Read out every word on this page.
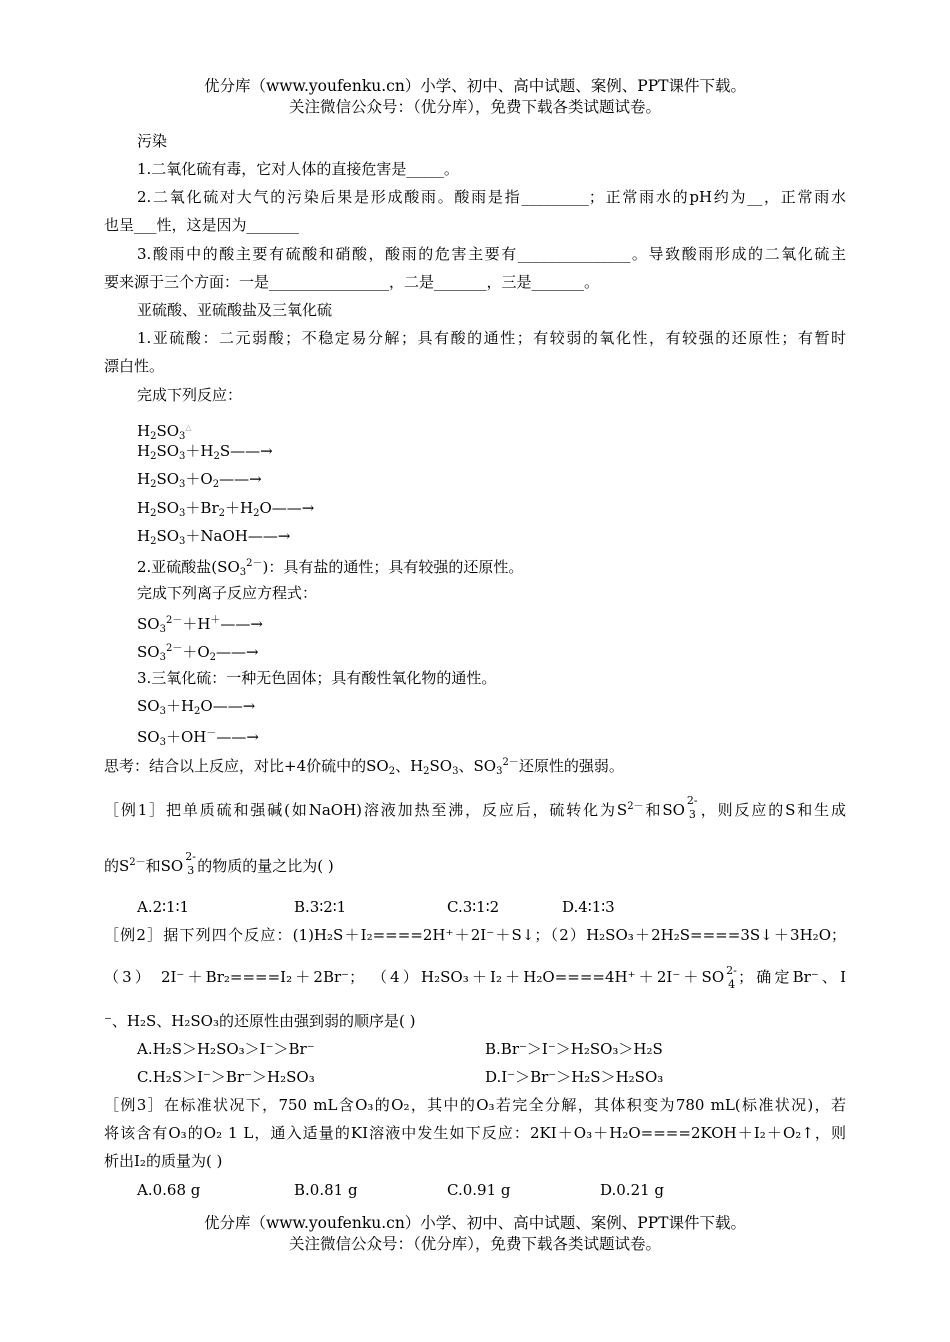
优分库（www.youfenku.cn）小学、初中、高中试题、案例、PPT课件下载。
关注微信公众号：（优分库），免费下载各类试题试卷。
污染
1.二氧化硫有毒，它对人体的直接危害是_____。
2.二氧化硫对大气的污染后果是形成酸雨。酸雨是指_________；正常雨水的pH约为__，正常雨水
也呈___性，这是因为_______
3.酸雨中的酸主要有硫酸和硝酸，酸雨的危害主要有_______________。导致酸雨形成的二氧化硫主
要来源于三个方面：一是________________，二是_______，三是_______。
亚硫酸、亚硫酸盐及三氧化硫
1.亚硫酸：二元弱酸；不稳定易分解；具有酸的通性；有较弱的氧化性，有较强的还原性；有暂时
漂白性。
完成下列反应：
$H_2SO_3^\triangle$
$H_2SO_3+H_2S——\to$
$H_2SO_3+O_2——\to$
$H_2SO_3+Br_2+H_2O——\to$
$H_2SO_3+NaOH——\to$
2.亚硫酸盐$(SO_3^{2-})$：具有盐的通性；具有较强的还原性。
完成下列离子反应方程式：
$SO_3^{2-}+H^+——\to$
$SO_3^{2-}+O_2——\to$
3.三氧化硫：一种无色固体；具有酸性氧化物的通性。
$SO_3+H_2O——\to$
$SO_3+OH^-——\to$
思考：结合以上反应，对比+4价硫中的$SO_2$、$H_2SO_3$、$SO_3^{2-}$还原性的强弱。
［例1］把单质硫和强碱(如NaOH)溶液加热至沸，反应后，硫转化为$S^{2-}$和SO
2-
3 ，则反应的S和生成
的$S^{2-}$和SO
2-
3 的物质的量之比为( )
A.2∶1∶1	B.3∶2∶1	C.3∶1∶2	D.4∶1∶3
［例2］据下列四个反应：(1)H₂S＋I₂====2H⁺＋2I⁻＋S↓；（2）H₂SO₃＋2H₂S====3S↓＋3H₂O；
（3） 2I⁻＋Br₂====I₂＋2Br⁻； （4）H₂SO₃＋I₂＋H₂O====4H⁺＋2I⁻＋SO 2-
4 ；确定Br⁻、I
⁻、H₂S、H₂SO₃的还原性由强到弱的顺序是( )
A.H₂S＞H₂SO₃＞I⁻＞Br⁻	B.Br⁻＞I⁻＞H₂SO₃＞H₂S
C.H₂S＞I⁻＞Br⁻＞H₂SO₃	D.I⁻＞Br⁻＞H₂S＞H₂SO₃
［例3］在标准状况下，750 mL含O₃的O₂，其中的O₃若完全分解，其体积变为780 mL(标准状况)，若
将该含有O₃的O₂ 1 L，通入适量的KI溶液中发生如下反应：2KI＋O₃＋H₂O====2KOH＋I₂＋O₂↑，则
析出I₂的质量为( )
A.0.68 g	B.0.81 g	C.0.91 g	D.0.21 g
优分库（www.youfenku.cn）小学、初中、高中试题、案例、PPT课件下载。
关注微信公众号：（优分库），免费下载各类试题试卷。
